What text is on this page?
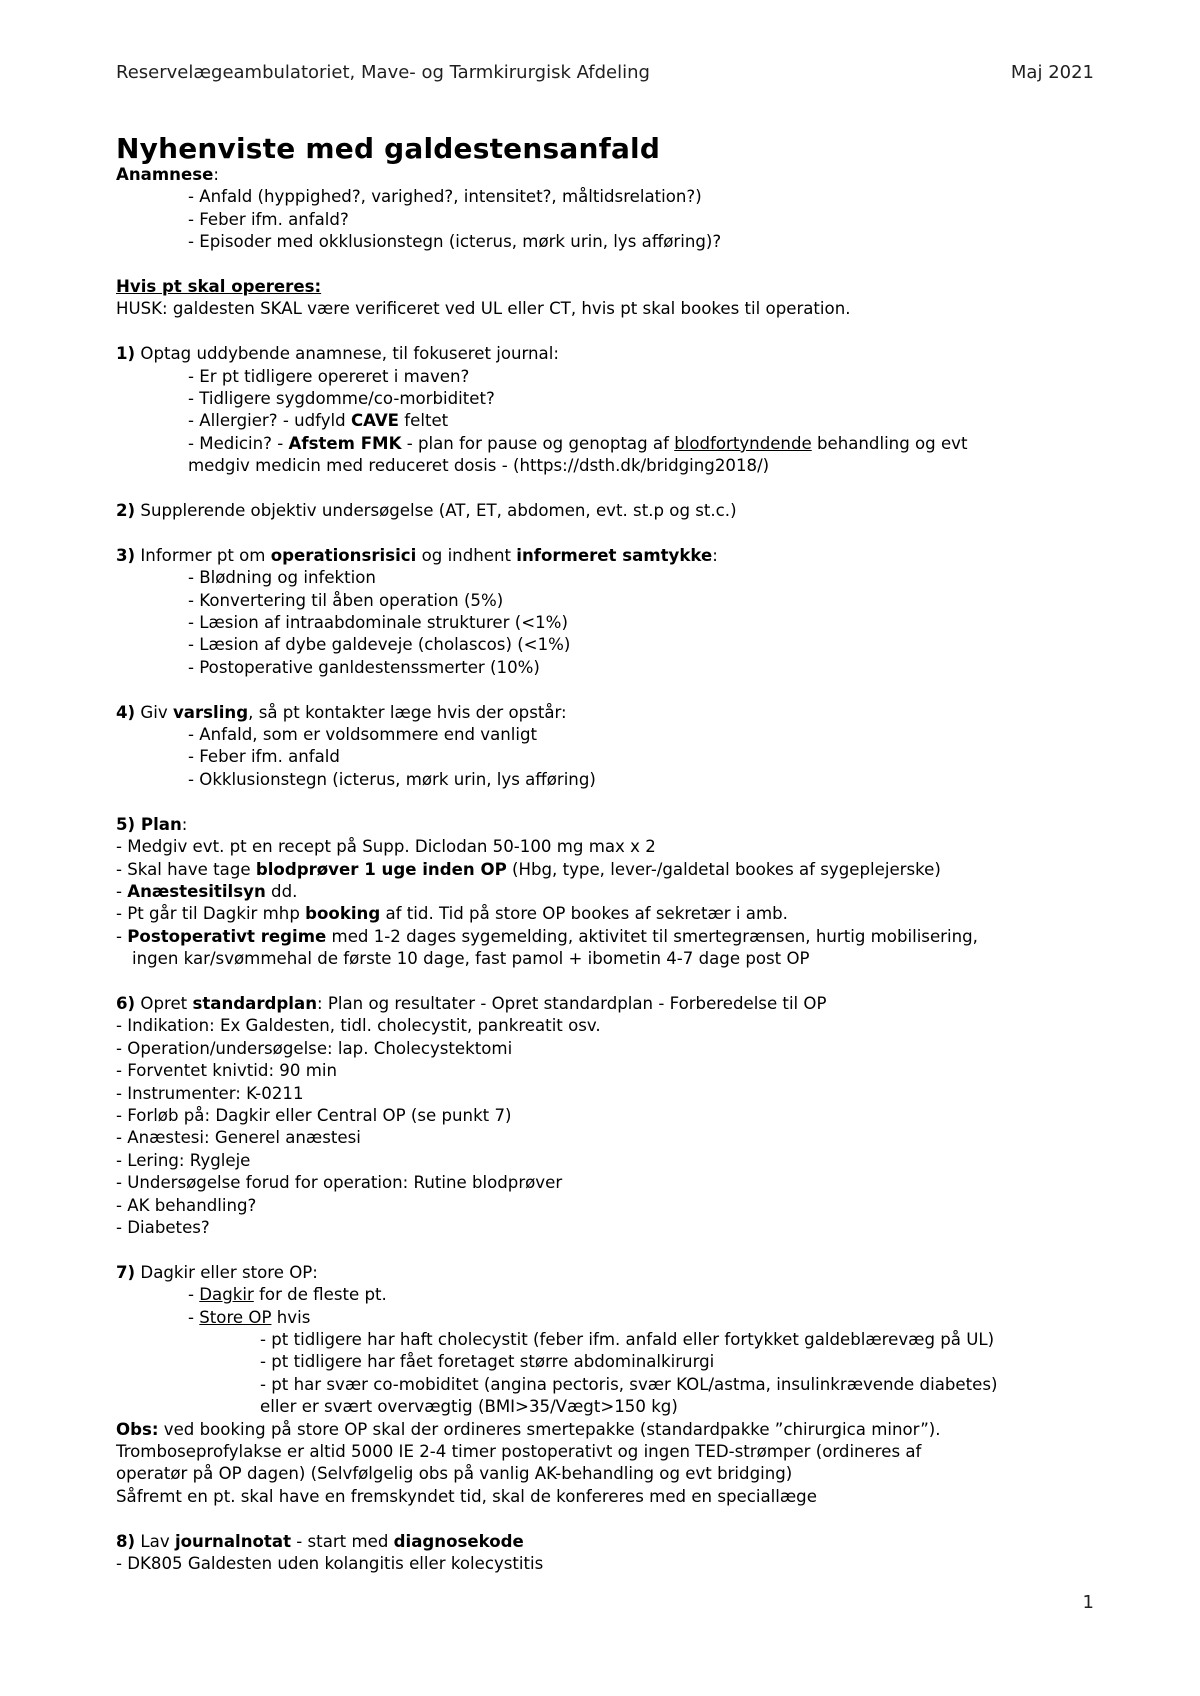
Reservelægeambulatoriet, Mave- og Tarmkirurgisk Afdeling	Maj 2021
Nyhenviste med galdestensanfald
Anamnese:
- Anfald (hyppighed?, varighed?, intensitet?, måltidsrelation?)
- Feber ifm. anfald?
- Episoder med okklusionstegn (icterus, mørk urin, lys afføring)?
Hvis pt skal opereres:
HUSK: galdesten SKAL være verificeret ved UL eller CT, hvis pt skal bookes til operation.
1) Optag uddybende anamnese, til fokuseret journal:
- Er pt tidligere opereret i maven?
- Tidligere sygdomme/co-morbiditet?
- Allergier? - udfyld CAVE feltet
- Medicin? - Afstem FMK - plan for pause og genoptag af blodfortyndende behandling og evt
medgiv medicin med reduceret dosis - (https://dsth.dk/bridging2018/)
2) Supplerende objektiv undersøgelse (AT, ET, abdomen, evt. st.p og st.c.)
3) Informer pt om operationsrisici og indhent informeret samtykke:
- Blødning og infektion
- Konvertering til åben operation (5%)
- Læsion af intraabdominale strukturer (<1%)
- Læsion af dybe galdeveje (cholascos) (<1%)
- Postoperative ganldestenssmerter (10%)
4) Giv varsling, så pt kontakter læge hvis der opstår:
- Anfald, som er voldsommere end vanligt
- Feber ifm. anfald
- Okklusionstegn (icterus, mørk urin, lys afføring)
5) Plan:
- Medgiv evt. pt en recept på Supp. Diclodan 50-100 mg max x 2
- Skal have tage blodprøver 1 uge inden OP (Hbg, type, lever-/galdetal bookes af sygeplejerske)
- Anæstesitilsyn dd.
- Pt går til Dagkir mhp booking af tid. Tid på store OP bookes af sekretær i amb.
- Postoperativt regime med 1-2 dages sygemelding, aktivitet til smertegrænsen, hurtig mobilisering,
ingen kar/svømmehal de første 10 dage, fast pamol + ibometin 4-7 dage post OP
6) Opret standardplan: Plan og resultater - Opret standardplan - Forberedelse til OP
- Indikation: Ex Galdesten, tidl. cholecystit, pankreatit osv.
- Operation/undersøgelse: lap. Cholecystektomi
- Forventet knivtid: 90 min
- Instrumenter: K-0211
- Forløb på: Dagkir eller Central OP (se punkt 7)
- Anæstesi: Generel anæstesi
- Lering: Rygleje
- Undersøgelse forud for operation: Rutine blodprøver
- AK behandling?
- Diabetes?
7) Dagkir eller store OP:
- Dagkir for de fleste pt.
- Store OP hvis
- pt tidligere har haft cholecystit (feber ifm. anfald eller fortykket galdeblærevæg på UL)
- pt tidligere har fået foretaget større abdominalkirurgi
- pt har svær co-mobiditet (angina pectoris, svær KOL/astma, insulinkrævende diabetes)
eller er svært overvægtig (BMI>35/Vægt>150 kg)
Obs: ved booking på store OP skal der ordineres smertepakke (standardpakke ”chirurgica minor”).
Tromboseprofylakse er altid 5000 IE 2-4 timer postoperativt og ingen TED-strømper (ordineres af
operatør på OP dagen) (Selvfølgelig obs på vanlig AK-behandling og evt bridging)
Såfremt en pt. skal have en fremskyndet tid, skal de konfereres med en speciallæge
8) Lav journalnotat - start med diagnosekode
- DK805 Galdesten uden kolangitis eller kolecystitis
1
